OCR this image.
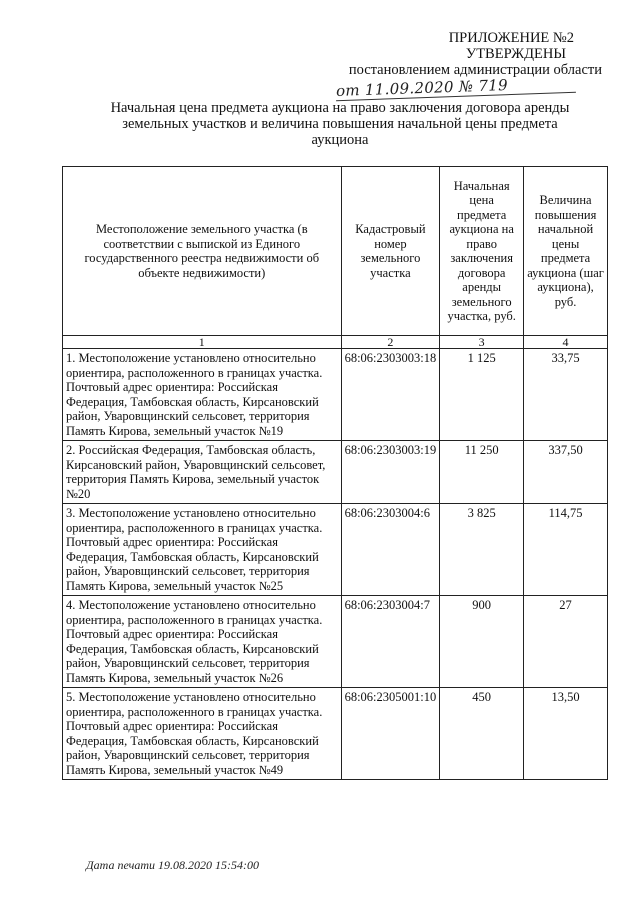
ПРИЛОЖЕНИЕ №2
УТВЕРЖДЕНЫ
постановлением администрации области
от 11.09.2020 № 719
Начальная цена предмета аукциона на право заключения договора аренды
земельных участков и величина повышения начальной цены предмета
аукциона
Местоположение земельного участка (в соответствии с выпиской из Единого государственного реестра недвижимости об объекте недвижимости)	Кадастровый номер земельного участка	Начальная цена предмета аукциона на право заключения договора аренды земельного участка, руб.	Величина повышения начальной цены предмета аукциона (шаг аукциона), руб.

1	2	3	4
1. Местоположение установлено относительно ориентира, расположенного в границах участка. Почтовый адрес ориентира: Российская Федерация, Тамбовская область, Кирсановский район, Уваровщинский сельсовет, территория Память Кирова, земельный участок №19	68:06:2303003:18	1 125	33,75
2. Российская Федерация, Тамбовская область, Кирсановский район, Уваровщинский сельсовет, территория Память Кирова, земельный участок №20	68:06:2303003:19	11 250	337,50
3. Местоположение установлено относительно ориентира, расположенного в границах участка. Почтовый адрес ориентира: Российская Федерация, Тамбовская область, Кирсановский район, Уваровщинский сельсовет, территория Память Кирова, земельный участок №25	68:06:2303004:6	3 825	114,75
4. Местоположение установлено относительно ориентира, расположенного в границах участка. Почтовый адрес ориентира: Российская Федерация, Тамбовская область, Кирсановский район, Уваровщинский сельсовет, территория Память Кирова, земельный участок №26	68:06:2303004:7	900	27
5. Местоположение установлено относительно ориентира, расположенного в границах участка. Почтовый адрес ориентира: Российская Федерация, Тамбовская область, Кирсановский район, Уваровщинский сельсовет, территория Память Кирова, земельный участок №49	68:06:2305001:10	450	13,50
Дата печати 19.08.2020 15:54:00
